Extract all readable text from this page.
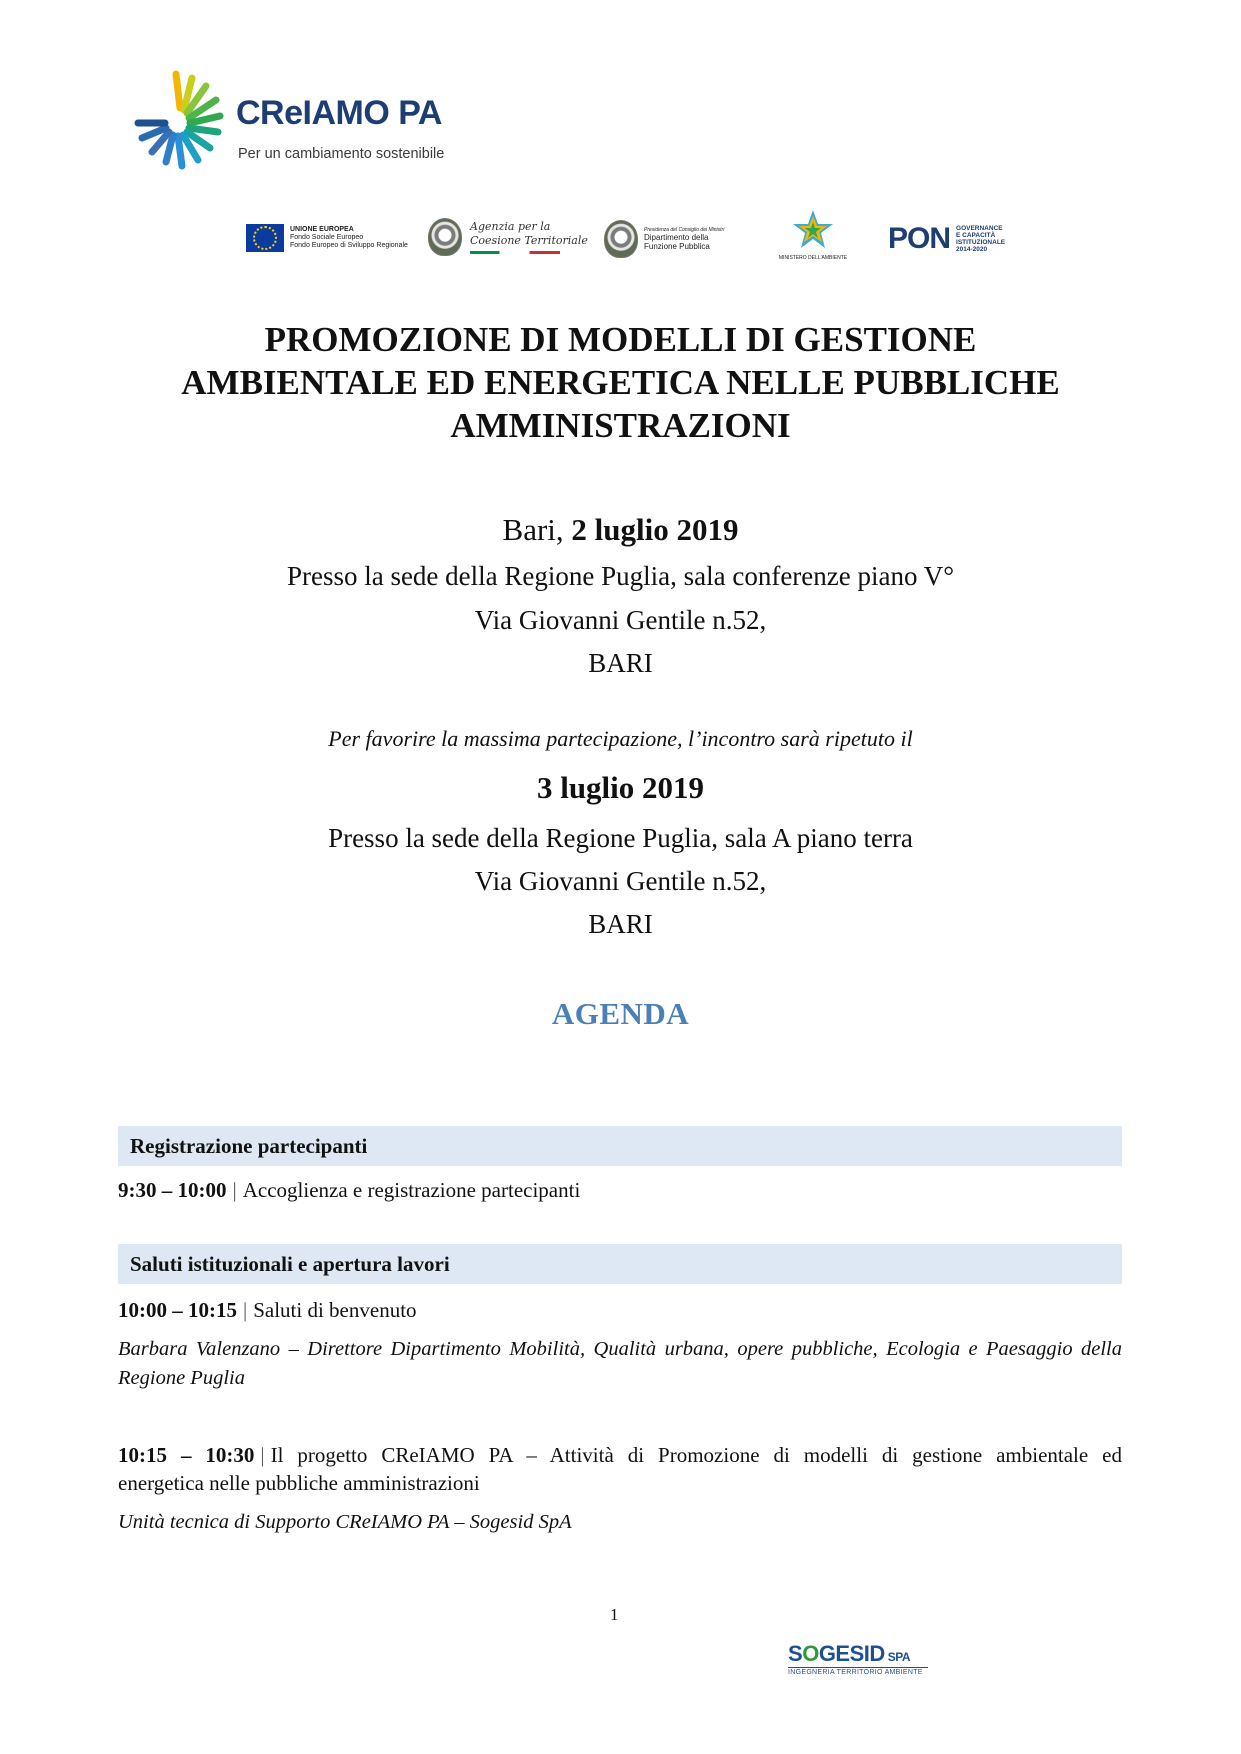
CReIAMO PA
Per un cambiamento sostenibile
UNIONE EUROPEA
Fondo Sociale Europeo
Fondo Europeo di Sviluppo Regionale
Agenzia per la
Coesione Territoriale
Presidenza del Consiglio dei Ministri
Dipartimento della
Funzione Pubblica
MINISTERO DELL'AMBIENTE
PON GOVERNANCE
E CAPACITÀ
ISTITUZIONALE
2014-2020
PROMOZIONE DI MODELLI DI GESTIONE
AMBIENTALE ED ENERGETICA NELLE PUBBLICHE
AMMINISTRAZIONI
Bari, 2 luglio 2019
Presso la sede della Regione Puglia, sala conferenze piano V°
Via Giovanni Gentile n.52,
BARI
Per favorire la massima partecipazione, l’incontro sarà ripetuto il
3 luglio 2019
Presso la sede della Regione Puglia, sala A piano terra
Via Giovanni Gentile n.52,
BARI
AGENDA
Registrazione partecipanti
9:30 – 10:00 | Accoglienza e registrazione partecipanti
Saluti istituzionali e apertura lavori
10:00 – 10:15 | Saluti di benvenuto
Barbara Valenzano – Direttore Dipartimento Mobilità, Qualità urbana, opere pubbliche, Ecologia e Paesaggio della
Regione Puglia
10:15 – 10:30 | Il progetto CReIAMO PA – Attività di Promozione di modelli di gestione ambientale ed
energetica nelle pubbliche amministrazioni
Unità tecnica di Supporto CReIAMO PA – Sogesid SpA
1
SOGESID SPA
INGEGNERIA TERRITORIO AMBIENTE
